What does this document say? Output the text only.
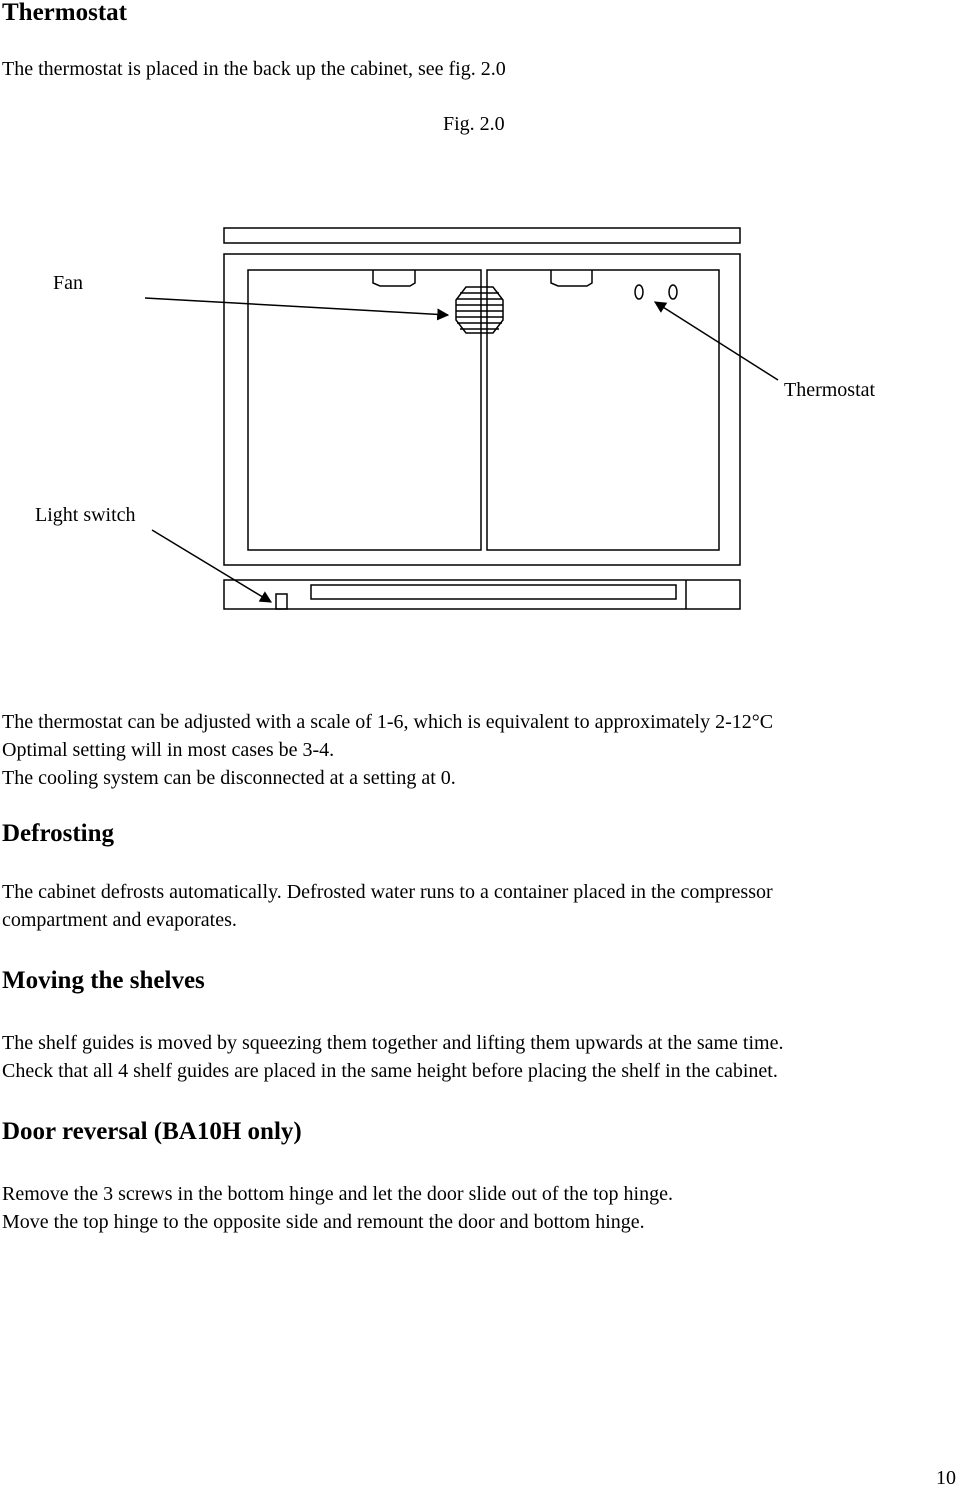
Thermostat
The thermostat is placed in the back up the cabinet, see fig. 2.0
Fig. 2.0
Fan
Thermostat
Light switch
The thermostat can be adjusted with a scale of 1-6, which is equivalent to approximately 2-12°C
Optimal setting will in most cases be 3-4.
The cooling system can be disconnected at a setting at 0.
Defrosting
The cabinet defrosts automatically. Defrosted water runs to a container placed in the compressor
compartment and evaporates.
Moving the shelves
The shelf guides is moved by squeezing them together and lifting them upwards at the same time.
Check that all 4 shelf guides are placed in the same height before placing the shelf in the cabinet.
Door reversal (BA10H only)
Remove the 3 screws in the bottom hinge and let the door slide out of the top hinge.
Move the top hinge to the opposite side and remount the door and bottom hinge.
10
